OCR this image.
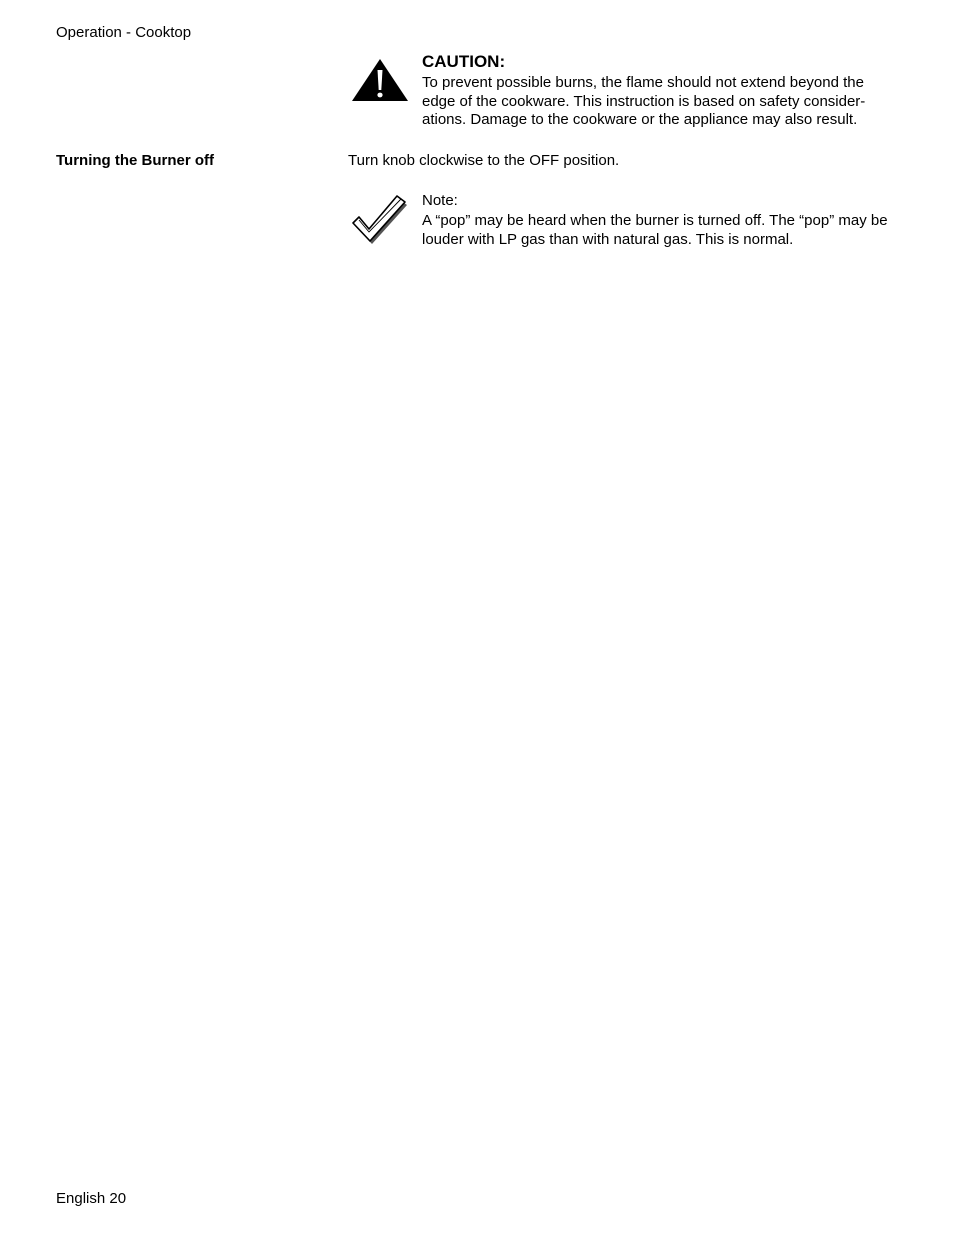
Operation - Cooktop

CAUTION:

To prevent possible burns, the flame should not extend beyond the edge of the cookware. This instruction is based on safety consider-ations. Damage to the cookware or the appliance may also result.

Turning the Burner off	Turn knob clockwise to the OFF position.

Note:

A “pop” may be heard when the burner is turned off. The “pop” may be louder with LP gas than with natural gas. This is normal.

English 20
